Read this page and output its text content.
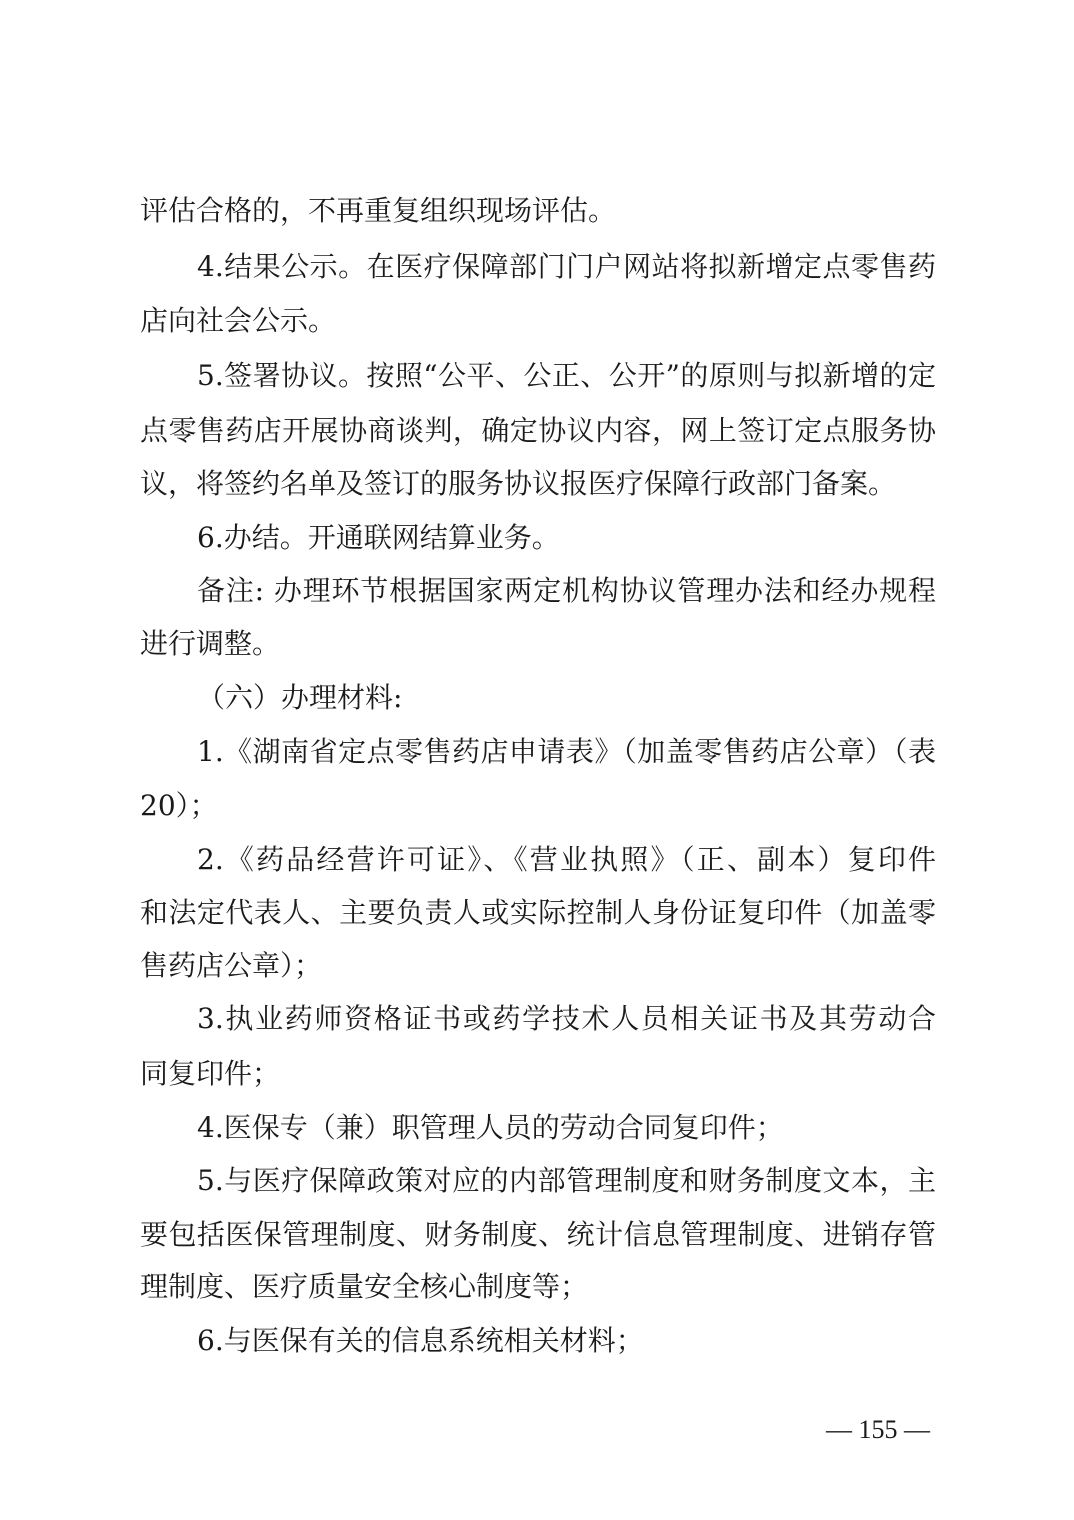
评估合格的，不再重复组织现场评估。
4.结果公示。在医疗保障部门门户网站将拟新增定点零售药
店向社会公示。
5.签署协议。按照“公平、公正、公开”的原则与拟新增的定
点零售药店开展协商谈判，确定协议内容，网上签订定点服务协
议，将签约名单及签订的服务协议报医疗保障行政部门备案。
6.办结。开通联网结算业务。
备注: 办理环节根据国家两定机构协议管理办法和经办规程
进行调整。
（六）办理材料:
1.《湖南省定点零售药店申请表》（加盖零售药店公章）（表
20）；
2.《药品经营许可证》、《营业执照》（正、副本）复印件
和法定代表人、主要负责人或实际控制人身份证复印件（加盖零
售药店公章）；
3.执业药师资格证书或药学技术人员相关证书及其劳动合
同复印件；
4.医保专（兼）职管理人员的劳动合同复印件；
5.与医疗保障政策对应的内部管理制度和财务制度文本，主
要包括医保管理制度、财务制度、统计信息管理制度、进销存管
理制度、医疗质量安全核心制度等；
6.与医保有关的信息系统相关材料；
— 155 —
